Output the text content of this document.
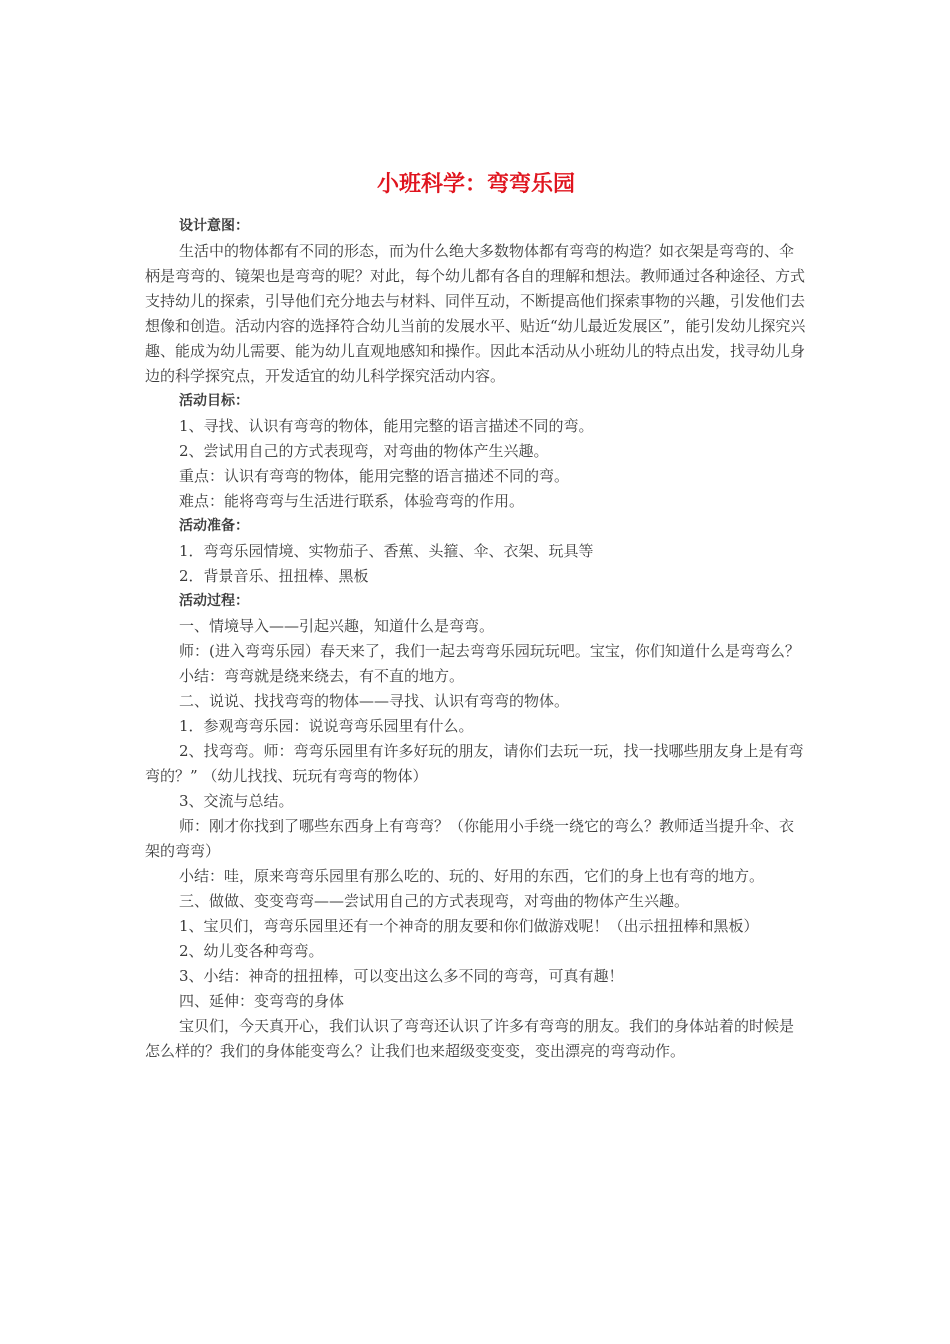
小班科学：弯弯乐园

设计意图：

生活中的物体都有不同的形态，而为什么绝大多数物体都有弯弯的构造？如衣架是弯弯的、伞柄是弯弯的、镜架也是弯弯的呢？对此，每个幼儿都有各自的理解和想法。教师通过各种途径、方式支持幼儿的探索，引导他们充分地去与材料、同伴互动，不断提高他们探索事物的兴趣，引发他们去想像和创造。活动内容的选择符合幼儿当前的发展水平、贴近“幼儿最近发展区”，能引发幼儿探究兴趣、能成为幼儿需要、能为幼儿直观地感知和操作。因此本活动从小班幼儿的特点出发，找寻幼儿身边的科学探究点，开发适宜的幼儿科学探究活动内容。

活动目标：

1、寻找、认识有弯弯的物体，能用完整的语言描述不同的弯。

2、尝试用自己的方式表现弯，对弯曲的物体产生兴趣。

重点：认识有弯弯的物体，能用完整的语言描述不同的弯。

难点：能将弯弯与生活进行联系，体验弯弯的作用。

活动准备：

1．弯弯乐园情境、实物茄子、香蕉、头箍、伞、衣架、玩具等

2．背景音乐、扭扭棒、黑板

活动过程：

一、情境导入——引起兴趣，知道什么是弯弯。

师：(进入弯弯乐园）春天来了，我们一起去弯弯乐园玩玩吧。宝宝，你们知道什么是弯弯么？

小结：弯弯就是绕来绕去，有不直的地方。

二、说说、找找弯弯的物体——寻找、认识有弯弯的物体。

1．参观弯弯乐园：说说弯弯乐园里有什么。

2、找弯弯。师：弯弯乐园里有许多好玩的朋友，请你们去玩一玩，找一找哪些朋友身上是有弯弯的？” （幼儿找找、玩玩有弯弯的物体）

3、交流与总结。

师：刚才你找到了哪些东西身上有弯弯？（你能用小手绕一绕它的弯么？教师适当提升伞、衣架的弯弯）

小结：哇，原来弯弯乐园里有那么吃的、玩的、好用的东西，它们的身上也有弯的地方。

三、做做、变变弯弯——尝试用自己的方式表现弯，对弯曲的物体产生兴趣。

1、宝贝们，弯弯乐园里还有一个神奇的朋友要和你们做游戏呢！（出示扭扭棒和黑板）

2、幼儿变各种弯弯。

3、小结：神奇的扭扭棒，可以变出这么多不同的弯弯，可真有趣！

四、延伸：变弯弯的身体

宝贝们，今天真开心，我们认识了弯弯还认识了许多有弯弯的朋友。我们的身体站着的时候是怎么样的？我们的身体能变弯么？让我们也来超级变变变，变出漂亮的弯弯动作。
